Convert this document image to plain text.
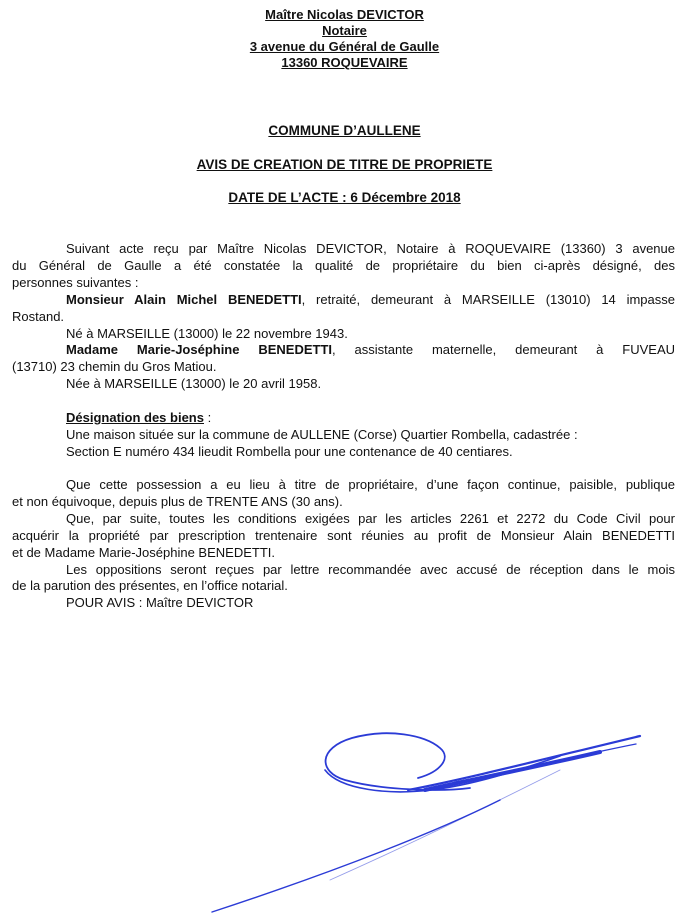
Maître Nicolas DEVICTOR
Notaire
3 avenue du Général de Gaulle
13360 ROQUEVAIRE
COMMUNE D’AULLENE
AVIS DE CREATION DE TITRE DE PROPRIETE
DATE DE L’ACTE : 6 Décembre 2018
Suivant acte reçu par Maître Nicolas DEVICTOR, Notaire à ROQUEVAIRE (13360) 3 avenue
du Général de Gaulle a été constatée la qualité de propriétaire du bien ci-après désigné, des
personnes suivantes :
Monsieur Alain Michel BENEDETTI, retraité, demeurant à MARSEILLE (13010) 14 impasse
Rostand.
Né à MARSEILLE (13000) le 22 novembre 1943.
Madame Marie-Joséphine BENEDETTI, assistante maternelle, demeurant à FUVEAU
(13710) 23 chemin du Gros Matiou.
Née à MARSEILLE (13000) le 20 avril 1958.
Désignation des biens :
Une maison située sur la commune de AULLENE (Corse) Quartier Rombella, cadastrée :
Section E numéro 434 lieudit Rombella pour une contenance de 40 centiares.
Que cette possession a eu lieu à titre de propriétaire, d’une façon continue, paisible, publique
et non équivoque, depuis plus de TRENTE ANS (30 ans).
Que, par suite, toutes les conditions exigées par les articles 2261 et 2272 du Code Civil pour
acquérir la propriété par prescription trentenaire sont réunies au profit de Monsieur Alain BENEDETTI
et de Madame Marie-Joséphine BENEDETTI.
Les oppositions seront reçues par lettre recommandée avec accusé de réception dans le mois
de la parution des présentes, en l’office notarial.
POUR AVIS : Maître DEVICTOR
